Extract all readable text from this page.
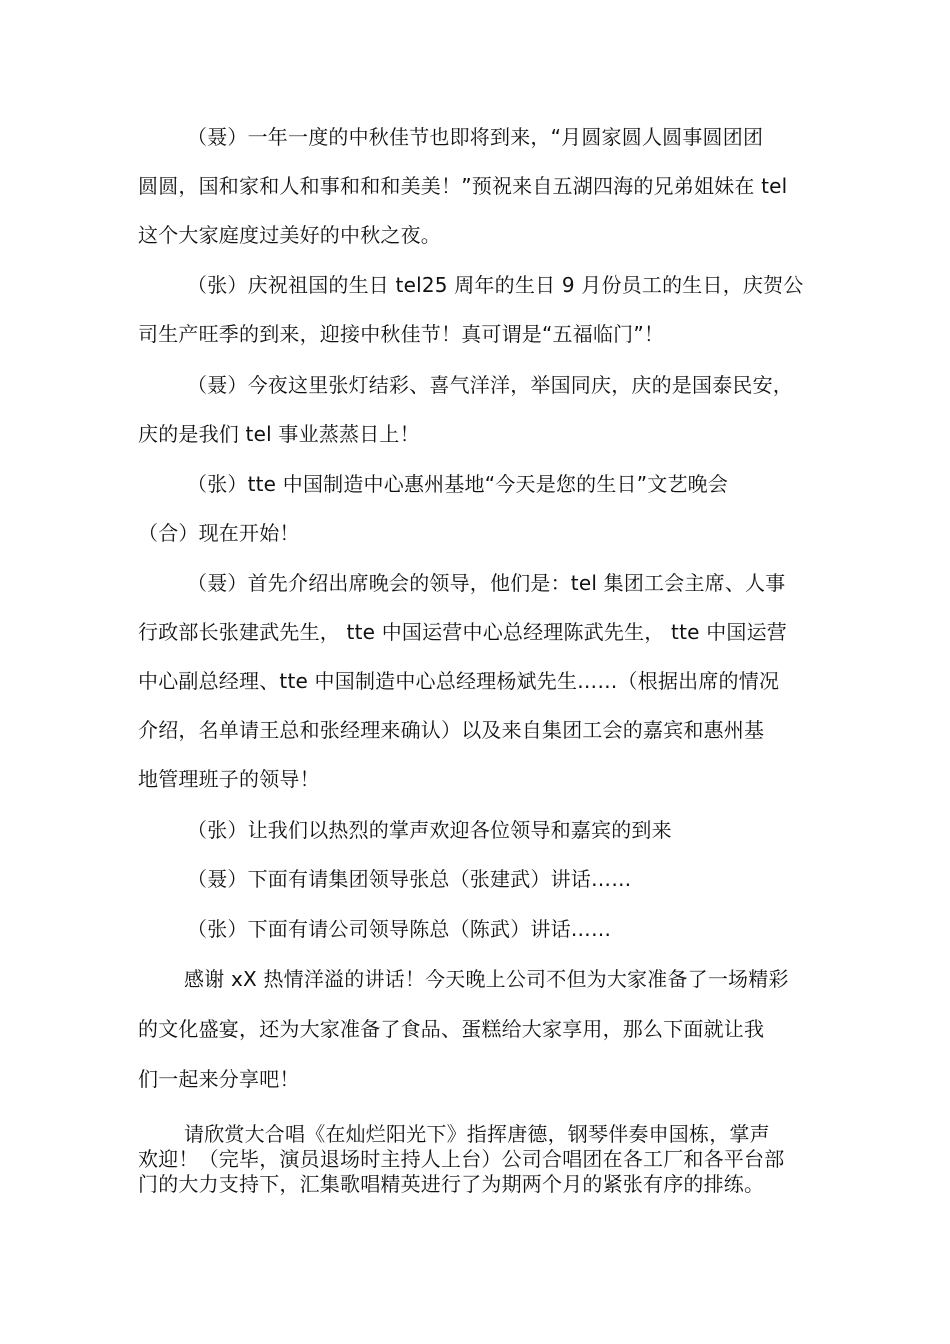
（聂）一年一度的中秋佳节也即将到来，“月圆家圆人圆事圆团团
圆圆，国和家和人和事和和和美美！”预祝来自五湖四海的兄弟姐妹在 tel
这个大家庭度过美好的中秋之夜。
（张）庆祝祖国的生日 tel25 周年的生日 9 月份员工的生日，庆贺公
司生产旺季的到来，迎接中秋佳节！真可谓是“五福临门”！
（聂）今夜这里张灯结彩、喜气洋洋，举国同庆，庆的是国泰民安，
庆的是我们 tel 事业蒸蒸日上！
（张）tte 中国制造中心惠州基地“今天是您的生日”文艺晚会
（合）现在开始！
（聂）首先介绍出席晚会的领导，他们是：tel 集团工会主席、人事
行政部长张建武先生， tte 中国运营中心总经理陈武先生， tte 中国运营
中心副总经理、tte 中国制造中心总经理杨斌先生……（根据出席的情况
介绍，名单请王总和张经理来确认）以及来自集团工会的嘉宾和惠州基
地管理班子的领导！
（张）让我们以热烈的掌声欢迎各位领导和嘉宾的到来
（聂）下面有请集团领导张总（张建武）讲话……
（张）下面有请公司领导陈总（陈武）讲话……
感谢 xX 热情洋溢的讲话！今天晚上公司不但为大家准备了一场精彩
的文化盛宴，还为大家准备了食品、蛋糕给大家享用，那么下面就让我
们一起来分享吧！
请欣赏大合唱《在灿烂阳光下》指挥唐德，钢琴伴奏申国栋，掌声
欢迎！（完毕，演员退场时主持人上台）公司合唱团在各工厂和各平台部
门的大力支持下，汇集歌唱精英进行了为期两个月的紧张有序的排练。
